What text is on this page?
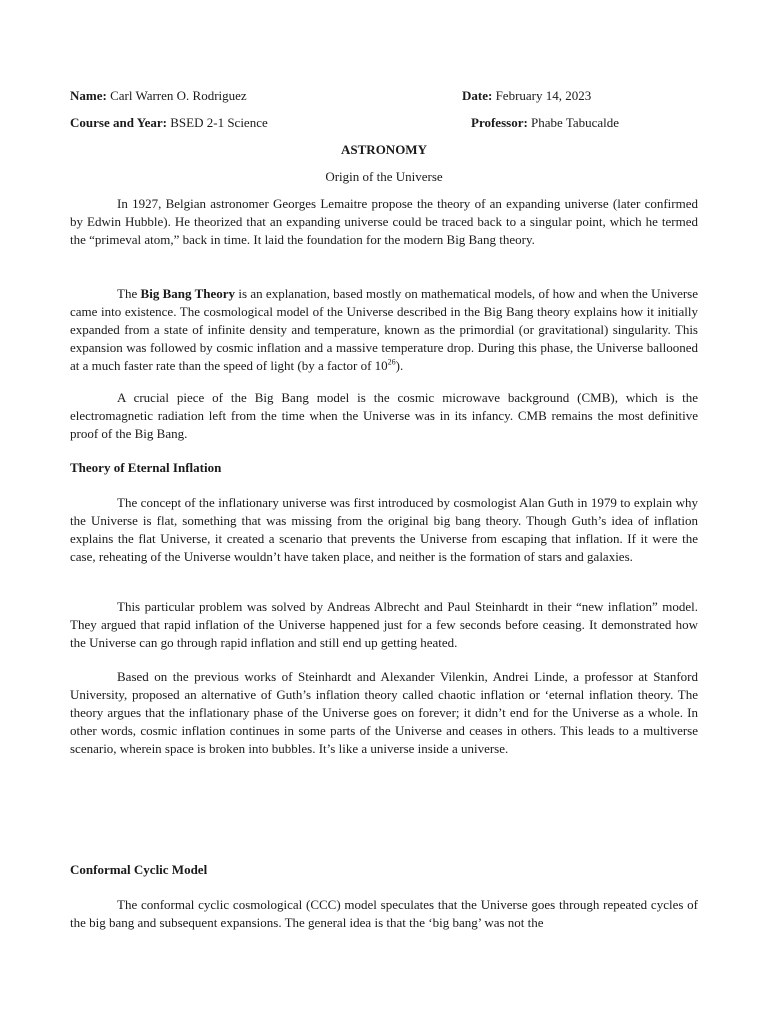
Name: Carl Warren O. Rodriguez	Date: February 14, 2023
Course and Year: BSED 2-1 Science	Professor: Phabe Tabucalde
ASTRONOMY
Origin of the Universe

In 1927, Belgian astronomer Georges Lemaitre propose the theory of an expanding universe (later confirmed by Edwin Hubble). He theorized that an expanding universe could be traced back to a singular point, which he termed the “primeval atom,” back in time. It laid the foundation for the modern Big Bang theory.

The Big Bang Theory is an explanation, based mostly on mathematical models, of how and when the Universe came into existence. The cosmological model of the Universe described in the Big Bang theory explains how it initially expanded from a state of infinite density and temperature, known as the primordial (or gravitational) singularity. This expansion was followed by cosmic inflation and a massive temperature drop. During this phase, the Universe ballooned at a much faster rate than the speed of light (by a factor of $10^{26}$).

A crucial piece of the Big Bang model is the cosmic microwave background (CMB), which is the electromagnetic radiation left from the time when the Universe was in its infancy. CMB remains the most definitive proof of the Big Bang.

Theory of Eternal Inflation

The concept of the inflationary universe was first introduced by cosmologist Alan Guth in 1979 to explain why the Universe is flat, something that was missing from the original big bang theory. Though Guth’s idea of inflation explains the flat Universe, it created a scenario that prevents the Universe from escaping that inflation. If it were the case, reheating of the Universe wouldn’t have taken place, and neither is the formation of stars and galaxies.

This particular problem was solved by Andreas Albrecht and Paul Steinhardt in their “new inflation” model. They argued that rapid inflation of the Universe happened just for a few seconds before ceasing. It demonstrated how the Universe can go through rapid inflation and still end up getting heated.

Based on the previous works of Steinhardt and Alexander Vilenkin, Andrei Linde, a professor at Stanford University, proposed an alternative of Guth’s inflation theory called chaotic inflation or ‘eternal inflation theory. The theory argues that the inflationary phase of the Universe goes on forever; it didn’t end for the Universe as a whole. In other words, cosmic inflation continues in some parts of the Universe and ceases in others. This leads to a multiverse scenario, wherein space is broken into bubbles. It’s like a universe inside a universe.

Conformal Cyclic Model

The conformal cyclic cosmological (CCC) model speculates that the Universe goes through repeated cycles of the big bang and subsequent expansions. The general idea is that the ‘big bang’ was not the
